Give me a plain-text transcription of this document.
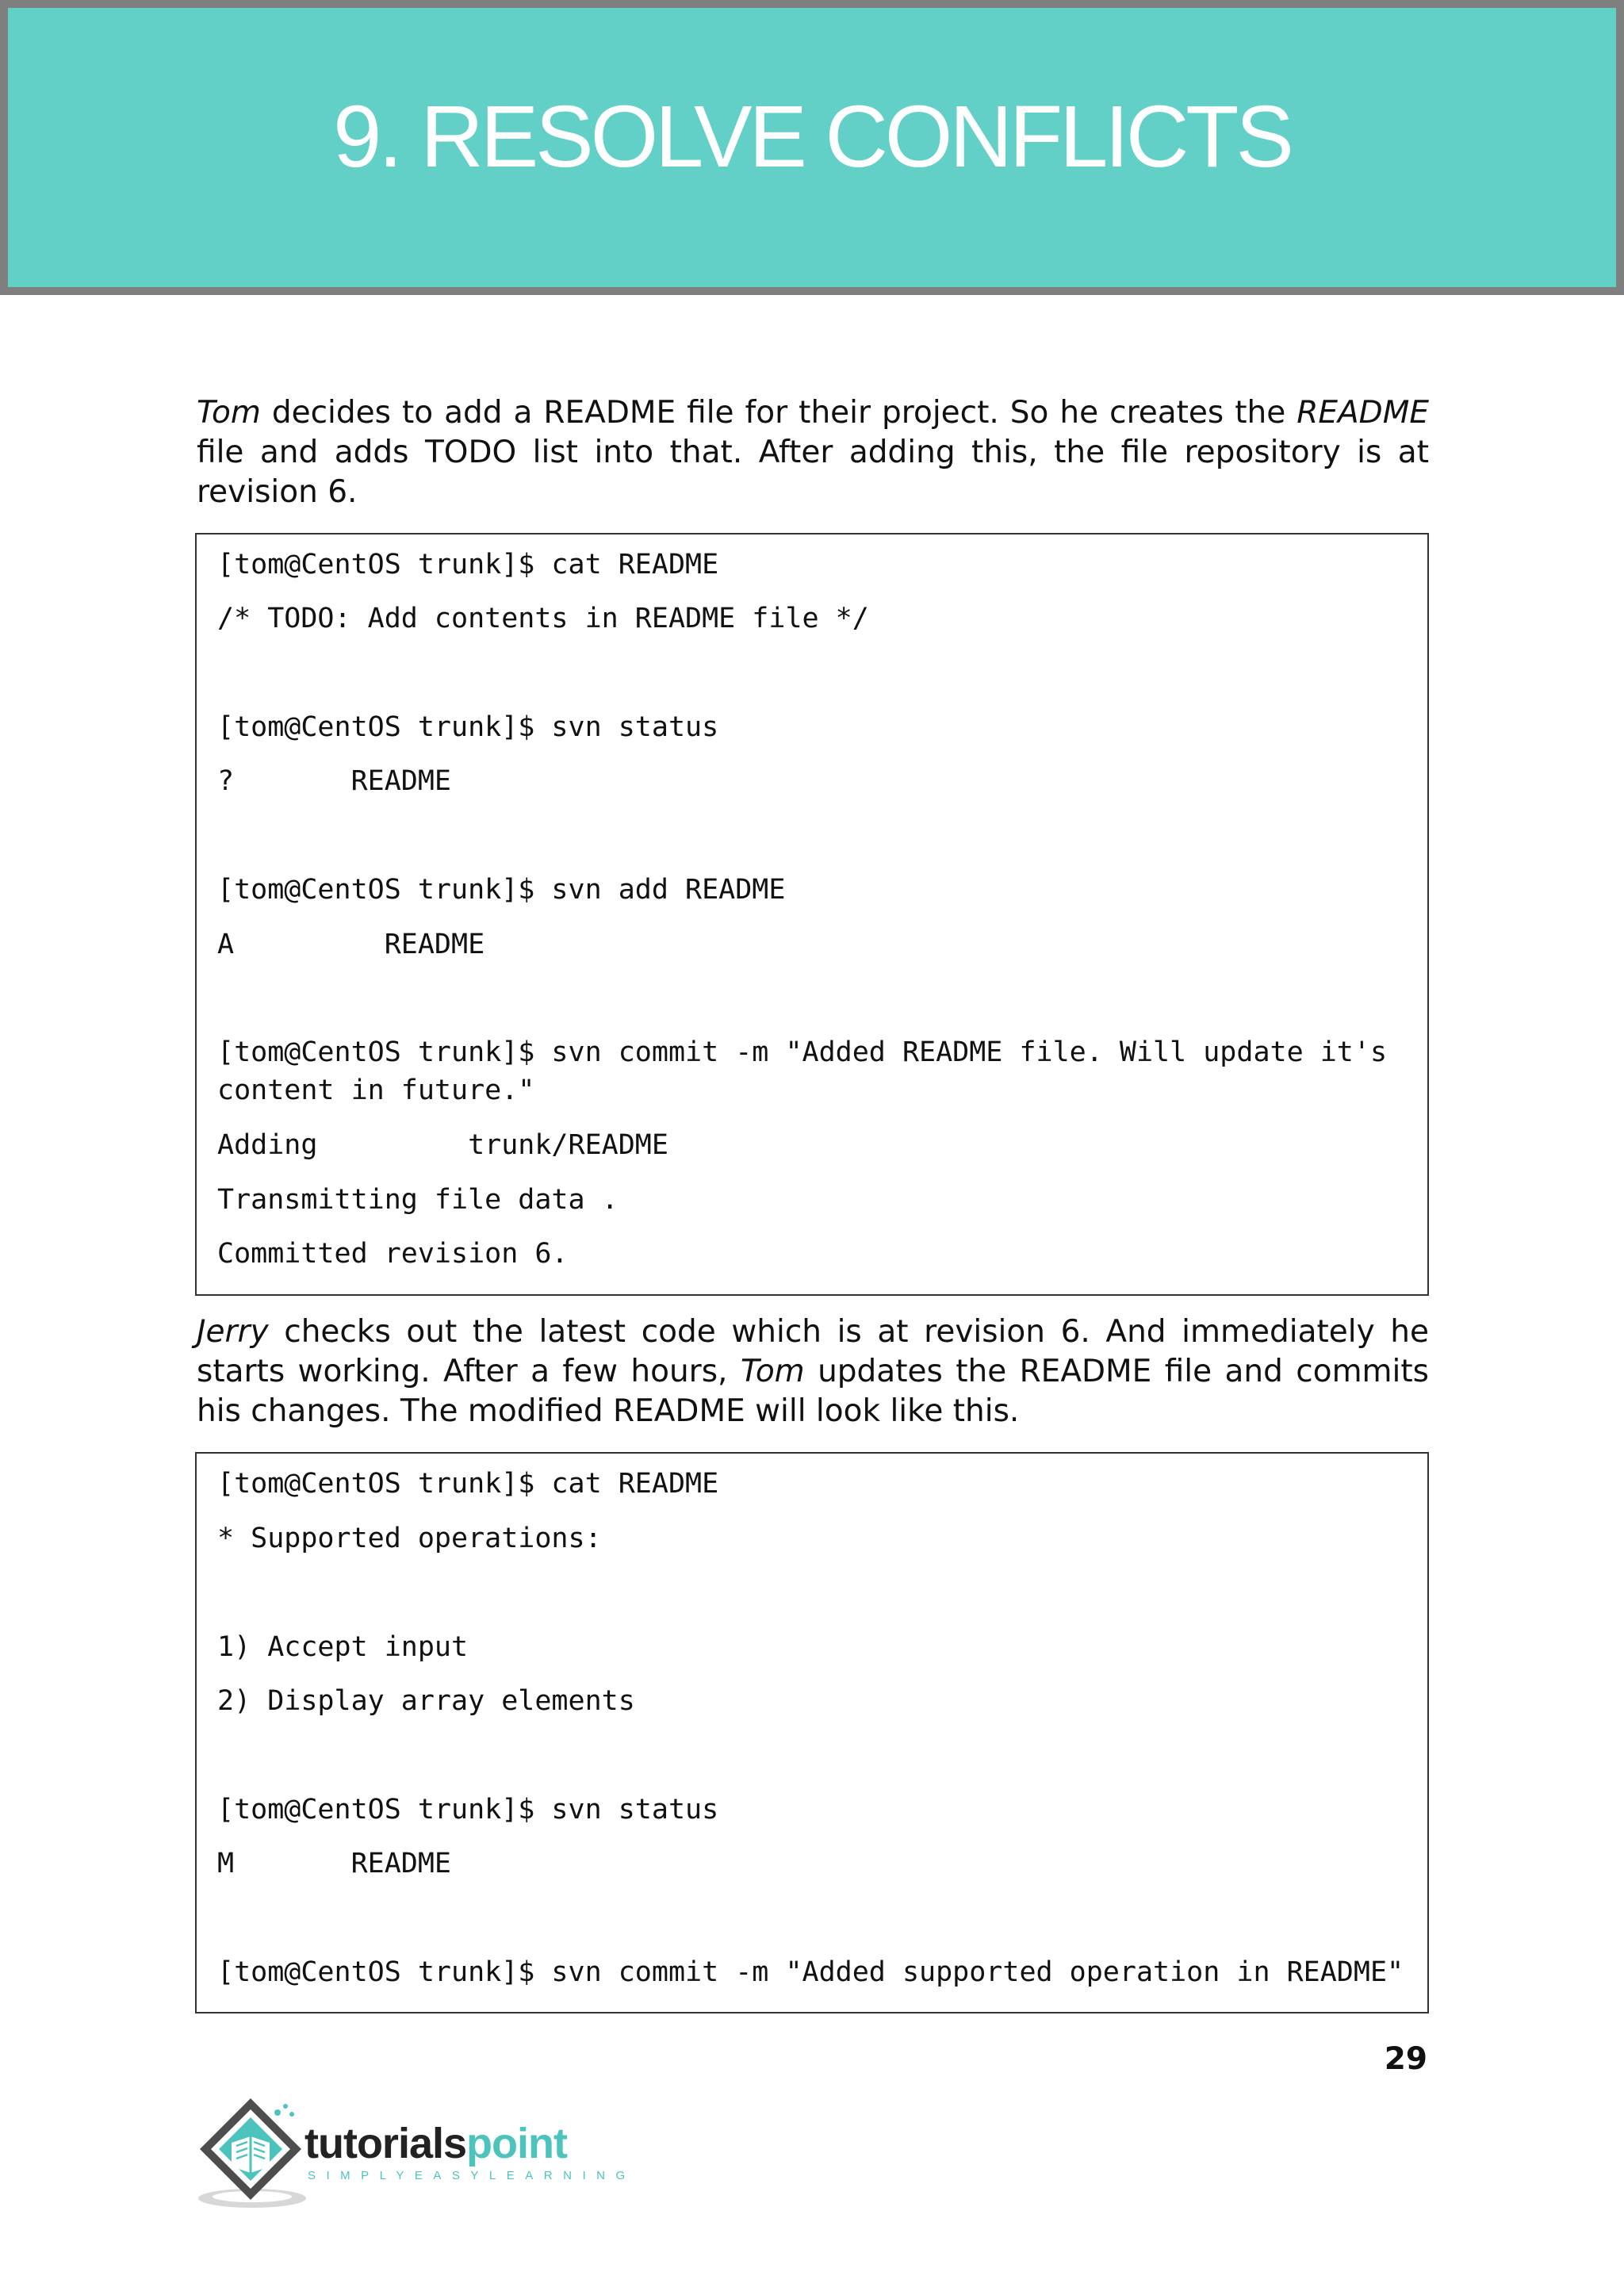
9. RESOLVE CONFLICTS

Tom decides to add a README file for their project. So he creates the README file and adds TODO list into that. After adding this, the file repository is at revision 6.

[tom@CentOS trunk]$ cat README
/* TODO: Add contents in README file */
[tom@CentOS trunk]$ svn status
?       README
[tom@CentOS trunk]$ svn add README
A         README
[tom@CentOS trunk]$ svn commit -m "Added README file. Will update it's content in future."
Adding         trunk/README
Transmitting file data .
Committed revision 6.

Jerry checks out the latest code which is at revision 6. And immediately he starts working. After a few hours, Tom updates the README file and commits his changes. The modified README will look like this.

[tom@CentOS trunk]$ cat README
* Supported operations:
1) Accept input
2) Display array elements
[tom@CentOS trunk]$ svn status
M       README
[tom@CentOS trunk]$ svn commit -m "Added supported operation in README"
29
tutorialspoint
SIMPLYEASYLEARNING
